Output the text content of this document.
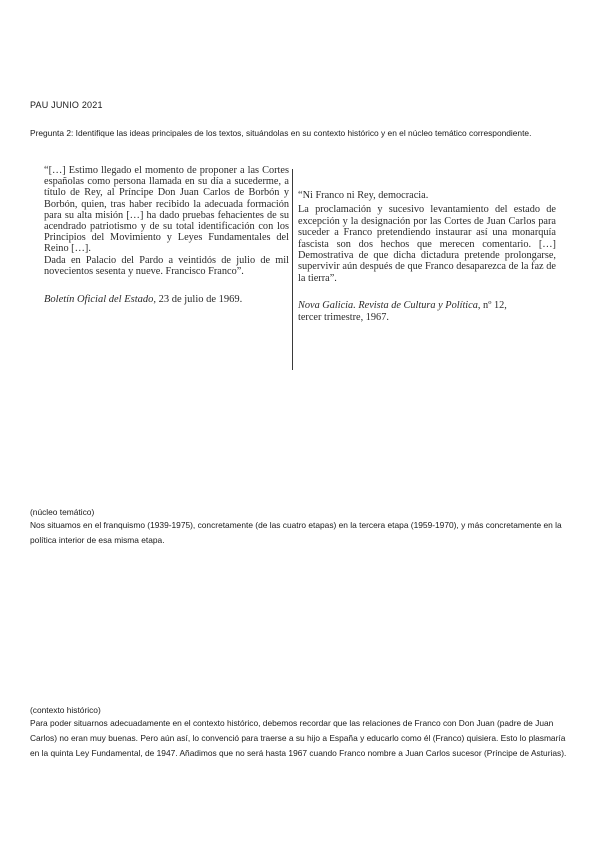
PAU JUNIO 2021
Pregunta 2: Identifique las ideas principales de los textos, situándolas en su contexto histórico y en el núcleo temático correspondiente.
“[…] Estimo llegado el momento de proponer a las Cortes españolas como persona llamada en su día a sucederme, a título de Rey, al Príncipe Don Juan Carlos de Borbón y Borbón, quien, tras haber recibido la adecuada formación para su alta misión […] ha dado pruebas fehacientes de su acendrado patriotismo y de su total identificación con los Principios del Movimiento y Leyes Fundamentales del Reino […].
Dada en Palacio del Pardo a veintidós de julio de mil novecientos sesenta y nueve. Francisco Franco”.
Boletín Oficial del Estado, 23 de julio de 1969.
“Ni Franco ni Rey, democracia.
La proclamación y sucesivo levantamiento del estado de excepción y la designación por las Cortes de Juan Carlos para suceder a Franco pretendiendo instaurar así una monarquía fascista son dos hechos que merecen comentario. […] Demostrativa de que dicha dictadura pretende prolongarse, supervivir aún después de que Franco desaparezca de la faz de la tierra”.
Nova Galicia. Revista de Cultura y Política, nº 12,
tercer trimestre, 1967.
(núcleo temático)
Nos situamos en el franquismo (1939-1975), concretamente (de las cuatro etapas) en la tercera etapa (1959-1970), y más concretamente en la política interior de esa misma etapa.
(contexto histórico)
Para poder situarnos adecuadamente en el contexto histórico, debemos recordar que las relaciones de Franco con Don Juan (padre de Juan Carlos) no eran muy buenas. Pero aún así, lo convenció para traerse a su hijo a España y educarlo como él (Franco) quisiera. Esto lo plasmaría en la quinta Ley Fundamental, de 1947. Añadimos que no será hasta 1967 cuando Franco nombre a Juan Carlos sucesor (Príncipe de Asturias).
